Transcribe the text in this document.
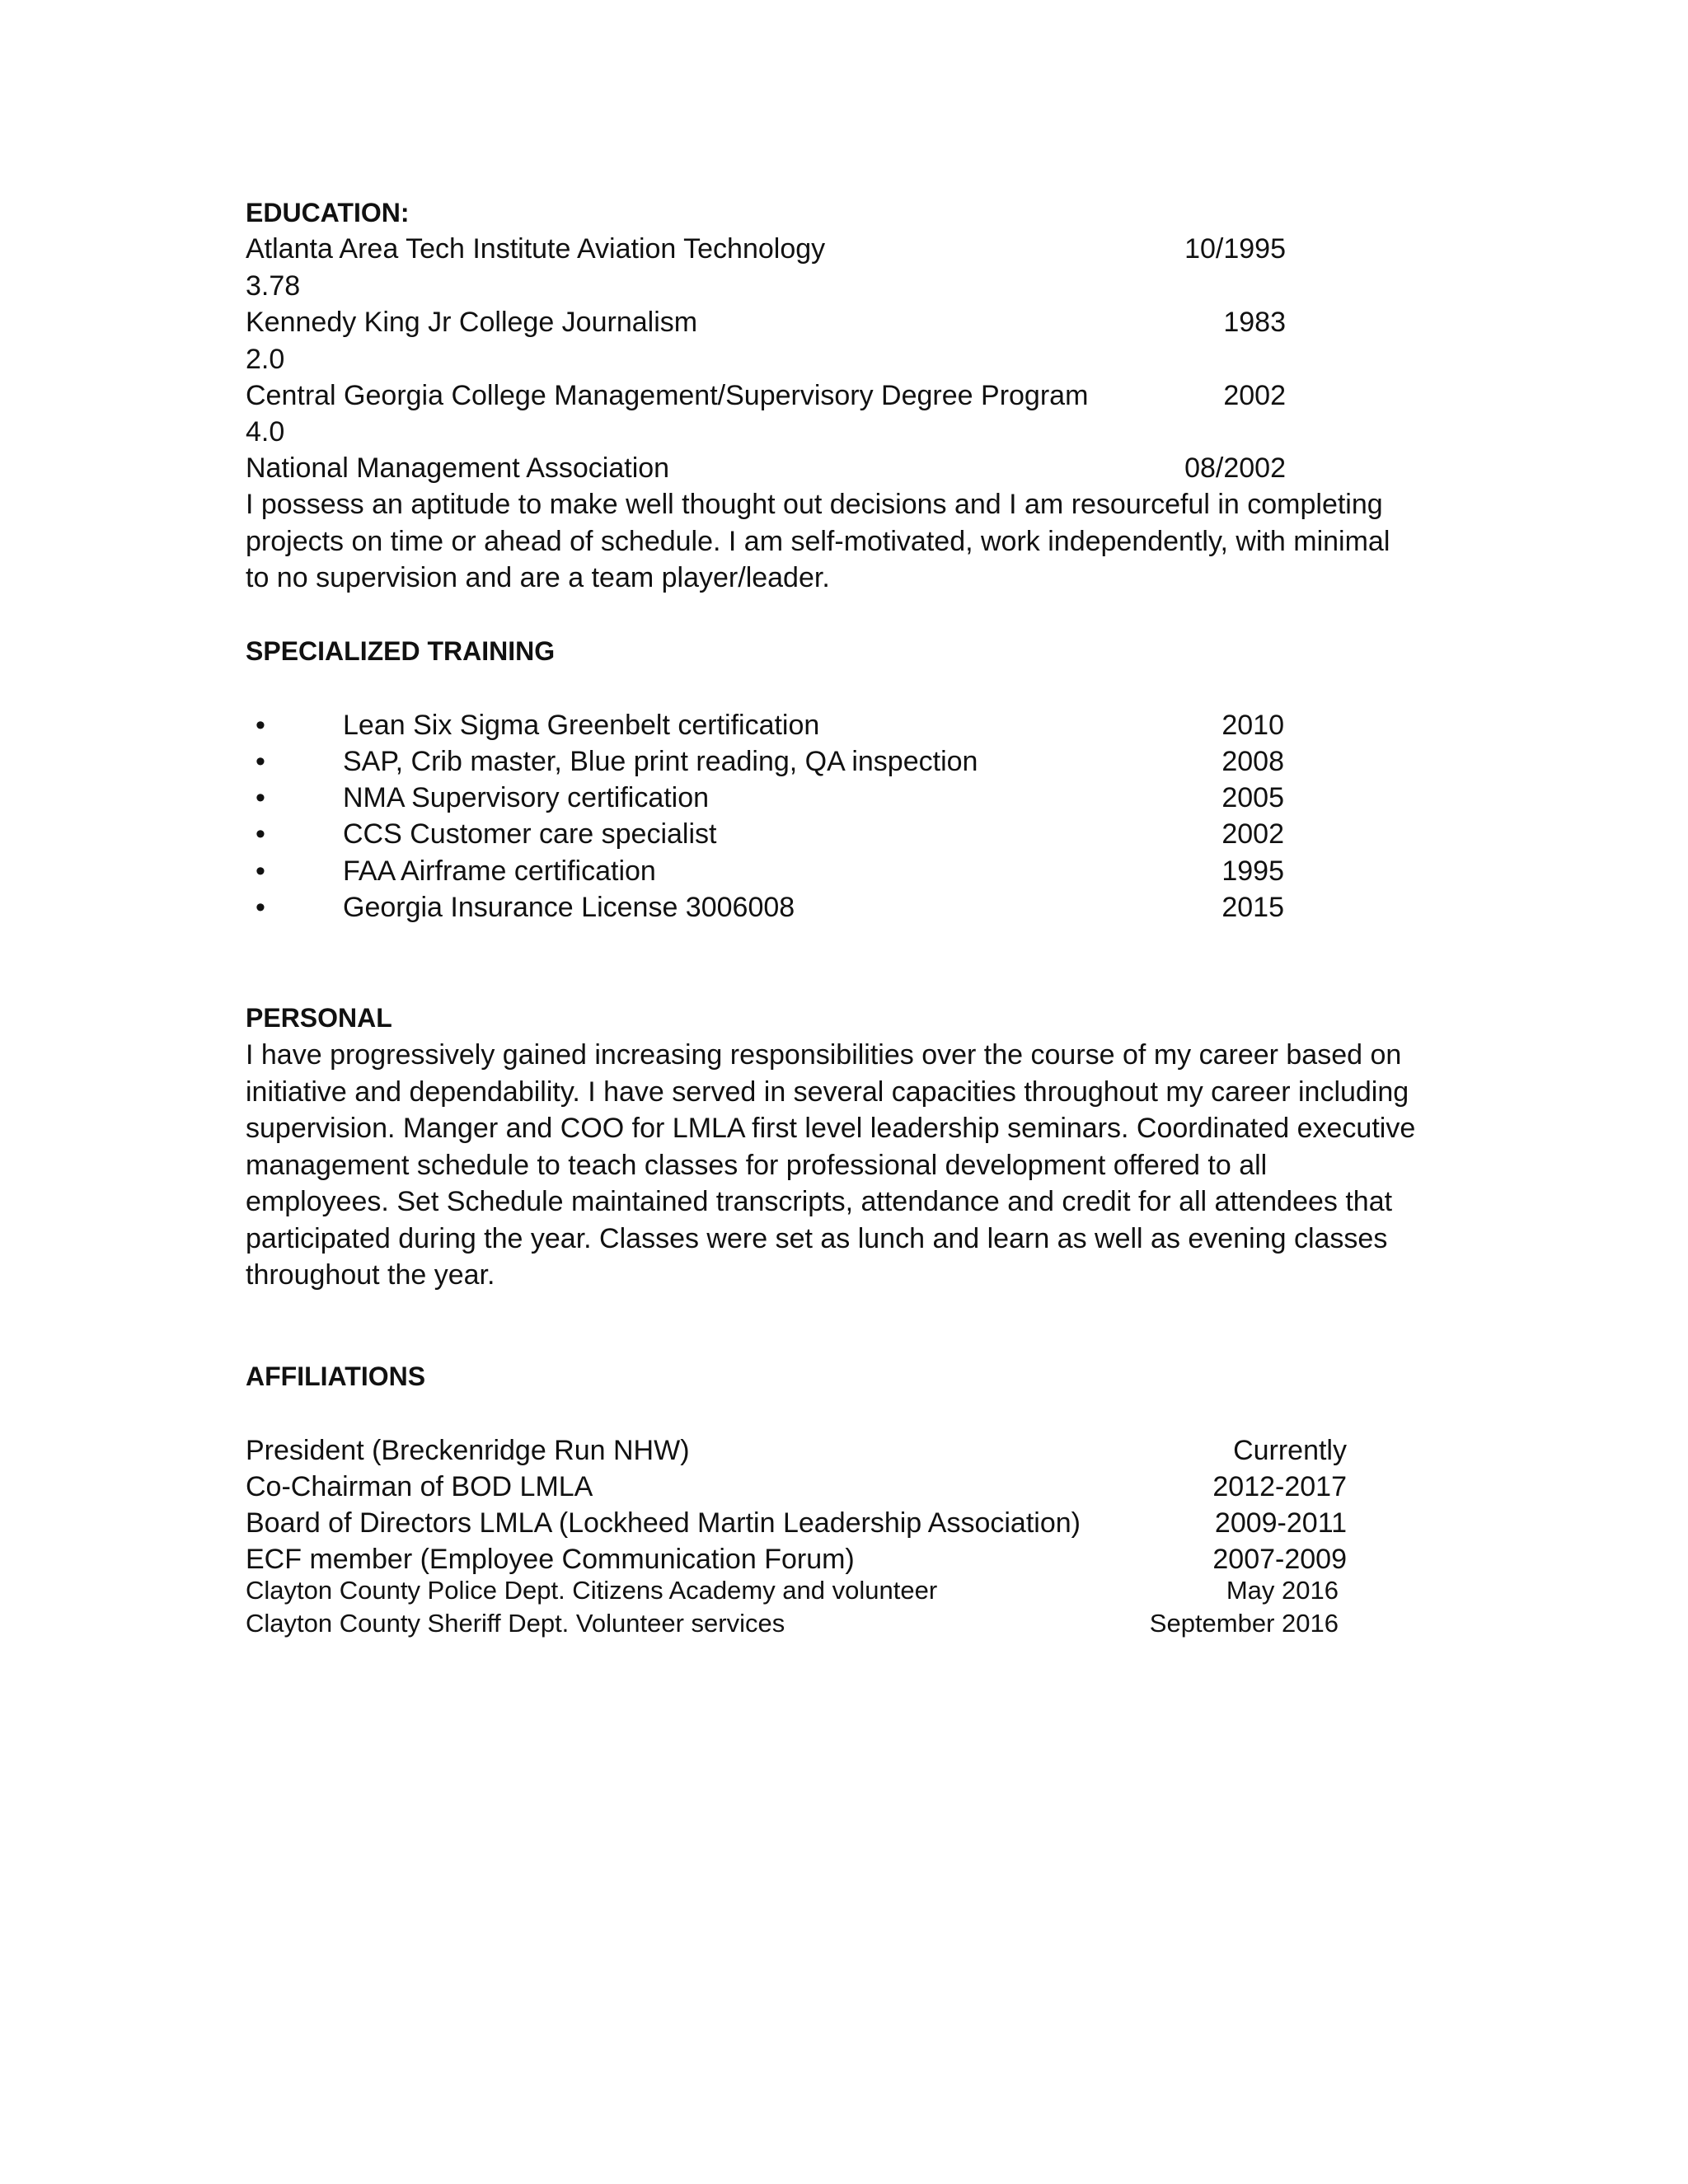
EDUCATION:
Atlanta Area Tech Institute Aviation Technology	10/1995
3.78
Kennedy King Jr College Journalism	1983
2.0
Central Georgia College Management/Supervisory Degree Program	2002
4.0
National Management Association	08/2002

I possess an aptitude to make well thought out decisions and I am resourceful in completing projects on time or ahead of schedule. I am self-motivated, work independently, with minimal to no supervision and are a team player/leader.

SPECIALIZED TRAINING
•	Lean Six Sigma Greenbelt certification	2010
•	SAP, Crib master, Blue print reading, QA inspection	2008
•	NMA Supervisory certification	2005
•	CCS Customer care specialist	2002
•	FAA Airframe certification	1995
•	Georgia Insurance License 3006008	2015
PERSONAL

I have progressively gained increasing responsibilities over the course of my career based on initiative and dependability. I have served in several capacities throughout my career including supervision. Manger and COO for LMLA first level leadership seminars. Coordinated executive management schedule to teach classes for professional development offered to all employees. Set Schedule maintained transcripts, attendance and credit for all attendees that participated during the year. Classes were set as lunch and learn as well as evening classes throughout the year.

AFFILIATIONS
President (Breckenridge Run NHW)	Currently
Co-Chairman of BOD LMLA	2012-2017
Board of Directors LMLA (Lockheed Martin Leadership Association)	2009-2011
ECF member (Employee Communication Forum)	2007-2009
Clayton County Police Dept. Citizens Academy and volunteer	May 2016
Clayton County Sheriff Dept. Volunteer services	September 2016
